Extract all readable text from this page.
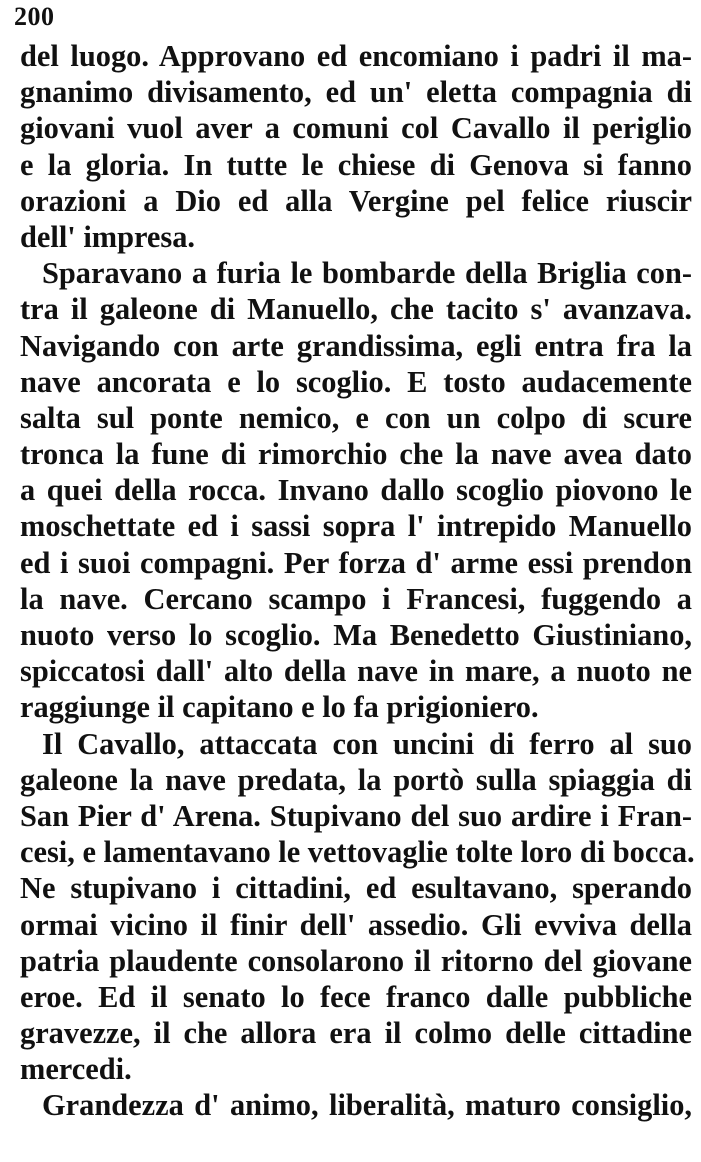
200
del luogo. Approvano ed encomiano i padri il ma-
gnanimo divisamento, ed un' eletta compagnia di
giovani vuol aver a comuni col Cavallo il periglio
e la gloria. In tutte le chiese di Genova si fanno
orazioni a Dio ed alla Vergine pel felice riuscir
dell' impresa.
Sparavano a furia le bombarde della Briglia con-
tra il galeone di Manuello, che tacito s' avanzava.
Navigando con arte grandissima, egli entra fra la
nave ancorata e lo scoglio. E tosto audacemente
salta sul ponte nemico, e con un colpo di scure
tronca la fune di rimorchio che la nave avea dato
a quei della rocca. Invano dallo scoglio piovono le
moschettate ed i sassi sopra l' intrepido Manuello
ed i suoi compagni. Per forza d' arme essi prendon
la nave. Cercano scampo i Francesi, fuggendo a
nuoto verso lo scoglio. Ma Benedetto Giustiniano,
spiccatosi dall' alto della nave in mare, a nuoto ne
raggiunge il capitano e lo fa prigioniero.
Il Cavallo, attaccata con uncini di ferro al suo
galeone la nave predata, la portò sulla spiaggia di
San Pier d' Arena. Stupivano del suo ardire i Fran-
cesi, e lamentavano le vettovaglie tolte loro di bocca.
Ne stupivano i cittadini, ed esultavano, sperando
ormai vicino il finir dell' assedio. Gli evviva della
patria plaudente consolarono il ritorno del giovane
eroe. Ed il senato lo fece franco dalle pubbliche
gravezze, il che allora era il colmo delle cittadine
mercedi.
Grandezza d' animo, liberalità, maturo consiglio,
